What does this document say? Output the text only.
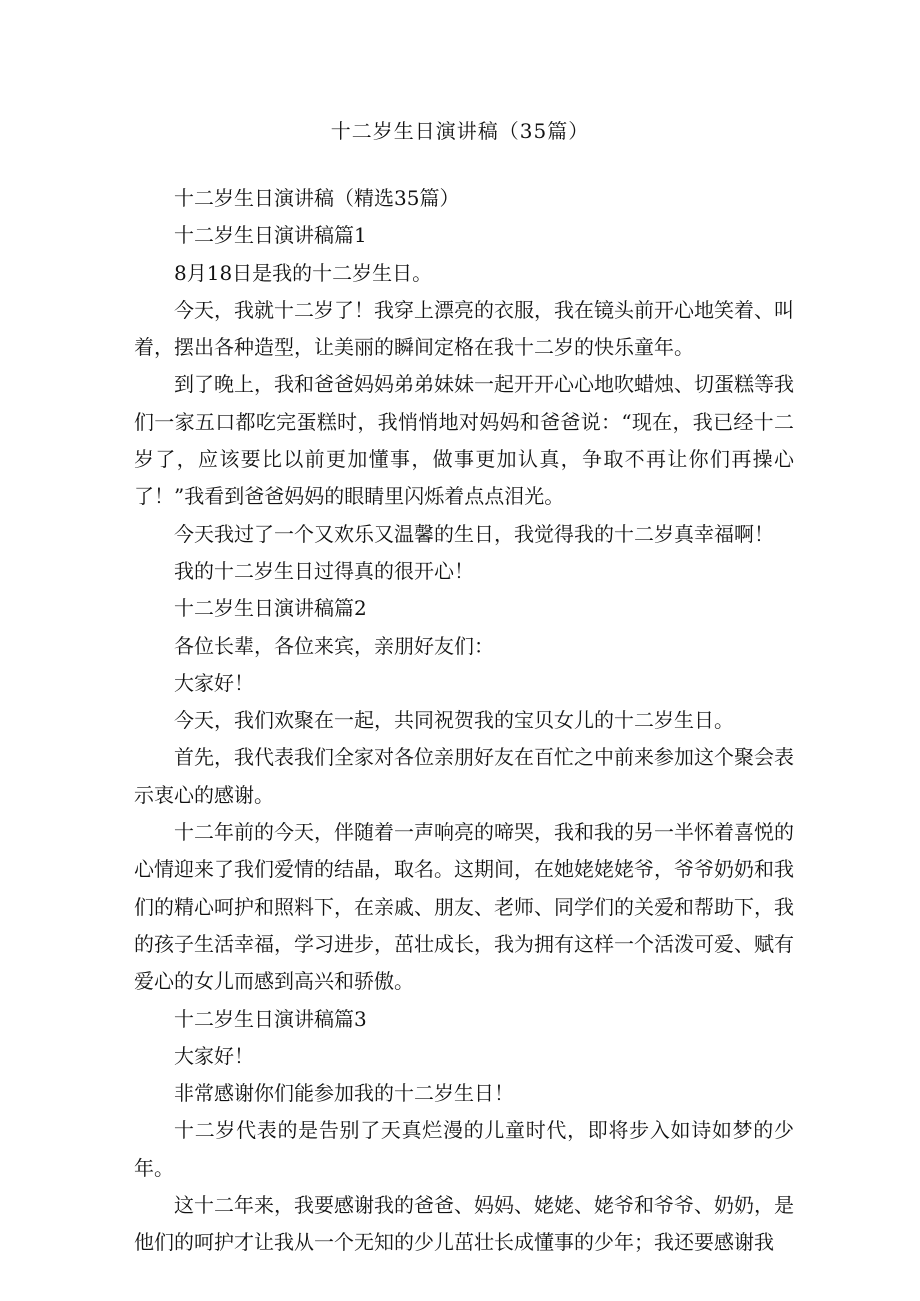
十二岁生日演讲稿（35篇）

十二岁生日演讲稿（精选35篇）

十二岁生日演讲稿篇1

8月18日是我的十二岁生日。

今天，我就十二岁了！我穿上漂亮的衣服，我在镜头前开心地笑着、叫着，摆出各种造型，让美丽的瞬间定格在我十二岁的快乐童年。

到了晚上，我和爸爸妈妈弟弟妹妹一起开开心心地吹蜡烛、切蛋糕等我们一家五口都吃完蛋糕时，我悄悄地对妈妈和爸爸说：“现在，我已经十二岁了，应该要比以前更加懂事，做事更加认真，争取不再让你们再操心了！”我看到爸爸妈妈的眼睛里闪烁着点点泪光。

今天我过了一个又欢乐又温馨的生日，我觉得我的十二岁真幸福啊！

我的十二岁生日过得真的很开心！

十二岁生日演讲稿篇2

各位长辈，各位来宾，亲朋好友们：

大家好！

今天，我们欢聚在一起，共同祝贺我的宝贝女儿的十二岁生日。

首先，我代表我们全家对各位亲朋好友在百忙之中前来参加这个聚会表示衷心的感谢。

十二年前的今天，伴随着一声响亮的啼哭，我和我的另一半怀着喜悦的心情迎来了我们爱情的结晶，取名。这期间，在她姥姥姥爷，爷爷奶奶和我们的精心呵护和照料下，在亲戚、朋友、老师、同学们的关爱和帮助下，我的孩子生活幸福，学习进步，茁壮成长，我为拥有这样一个活泼可爱、赋有爱心的女儿而感到高兴和骄傲。

十二岁生日演讲稿篇3

大家好！

非常感谢你们能参加我的十二岁生日！

十二岁代表的是告别了天真烂漫的儿童时代，即将步入如诗如梦的少年。

这十二年来，我要感谢我的爸爸、妈妈、姥姥、姥爷和爷爷、奶奶，是他们的呵护才让我从一个无知的少儿茁壮长成懂事的少年；我还要感谢我
